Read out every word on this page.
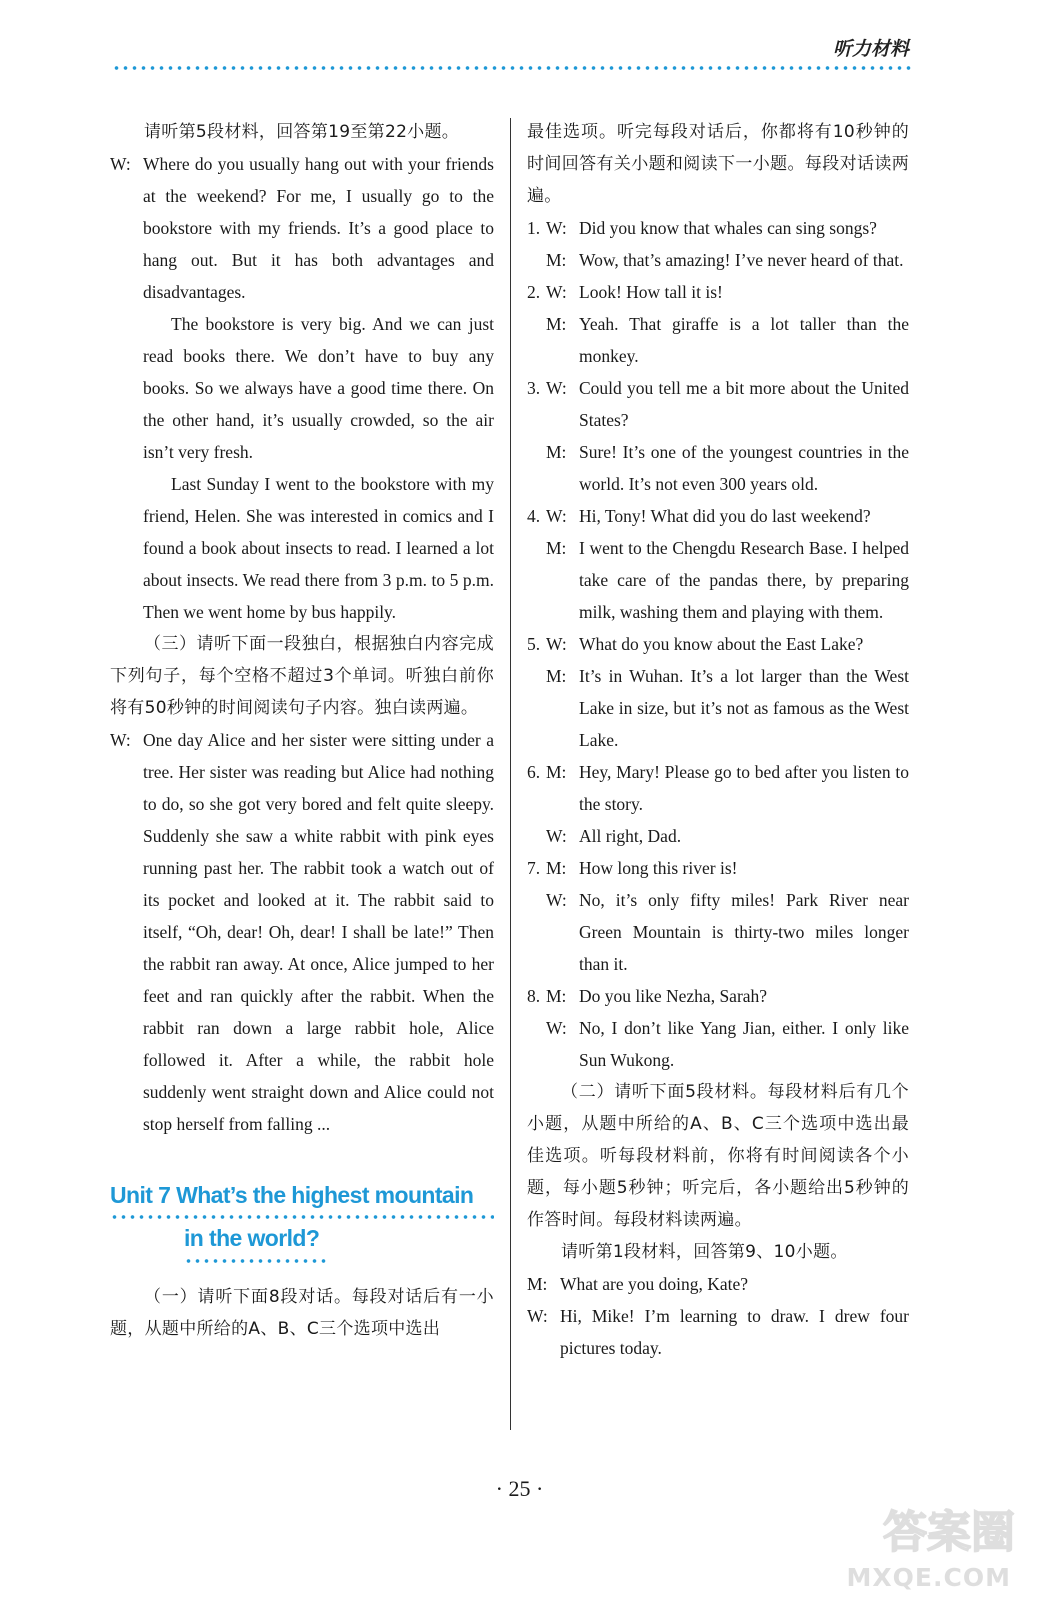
听力材料

请听第5段材料，回答第19至第22小题。

W: Where do you usually hang out with your friends at the weekend? For me, I usually go to the bookstore with my friends. It’s a good place to hang out. But it has both advantages and disadvantages.

The bookstore is very big. And we can just read books there. We don’t have to buy any books. So we always have a good time there. On the other hand, it’s usually crowded, so the air isn’t very fresh.

Last Sunday I went to the bookstore with my friend, Helen. She was interested in comics and I found a book about insects to read. I learned a lot about insects. We read there from 3 p.m. to 5 p.m. Then we went home by bus happily.

（三）请听下面一段独白，根据独白内容完成下列句子，每个空格不超过3个单词。听独白前你将有50秒钟的时间阅读句子内容。独白读两遍。

W: One day Alice and her sister were sitting under a tree. Her sister was reading but Alice had nothing to do, so she got very bored and felt quite sleepy. Suddenly she saw a white rabbit with pink eyes running past her. The rabbit took a watch out of its pocket and looked at it. The rabbit said to itself, “Oh, dear! Oh, dear! I shall be late!” Then the rabbit ran away. At once, Alice jumped to her feet and ran quickly after the rabbit. When the rabbit ran down a large rabbit hole, Alice followed it. After a while, the rabbit hole suddenly went straight down and Alice could not stop herself from falling ...

Unit 7 What’s the highest mountain
in the world?

（一）请听下面8段对话。每段对话后有一小题，从题中所给的A、B、C三个选项中选出

最佳选项。听完每段对话后，你都将有10秒钟的时间回答有关小题和阅读下一小题。每段对话读两遍。

1. W: Did you know that whales can sing songs?
M: Wow, that’s amazing! I’ve never heard of that.
2. W: Look! How tall it is!
M: Yeah. That giraffe is a lot taller than the monkey.
3. W: Could you tell me a bit more about the United States?
M: Sure! It’s one of the youngest countries in the world. It’s not even 300 years old.
4. W: Hi, Tony! What did you do last weekend?
M: I went to the Chengdu Research Base. I helped take care of the pandas there, by preparing milk, washing them and playing with them.
5. W: What do you know about the East Lake?
M: It’s in Wuhan. It’s a lot larger than the West Lake in size, but it’s not as famous as the West Lake.
6. M: Hey, Mary! Please go to bed after you listen to the story.
W: All right, Dad.
7. M: How long this river is!
W: No, it’s only fifty miles! Park River near Green Mountain is thirty-two miles longer than it.
8. M: Do you like Nezha, Sarah?
W: No, I don’t like Yang Jian, either. I only like Sun Wukong.

（二）请听下面5段材料。每段材料后有几个小题，从题中所给的A、B、C三个选项中选出最佳选项。听每段材料前，你将有时间阅读各个小题，每小题5秒钟；听完后，各小题给出5秒钟的作答时间。每段材料读两遍。

请听第1段材料，回答第9、10小题。

M: What are you doing, Kate?
W: Hi, Mike! I’m learning to draw. I drew four pictures today.
· 25 ·
答案圈
MXQE.COM
